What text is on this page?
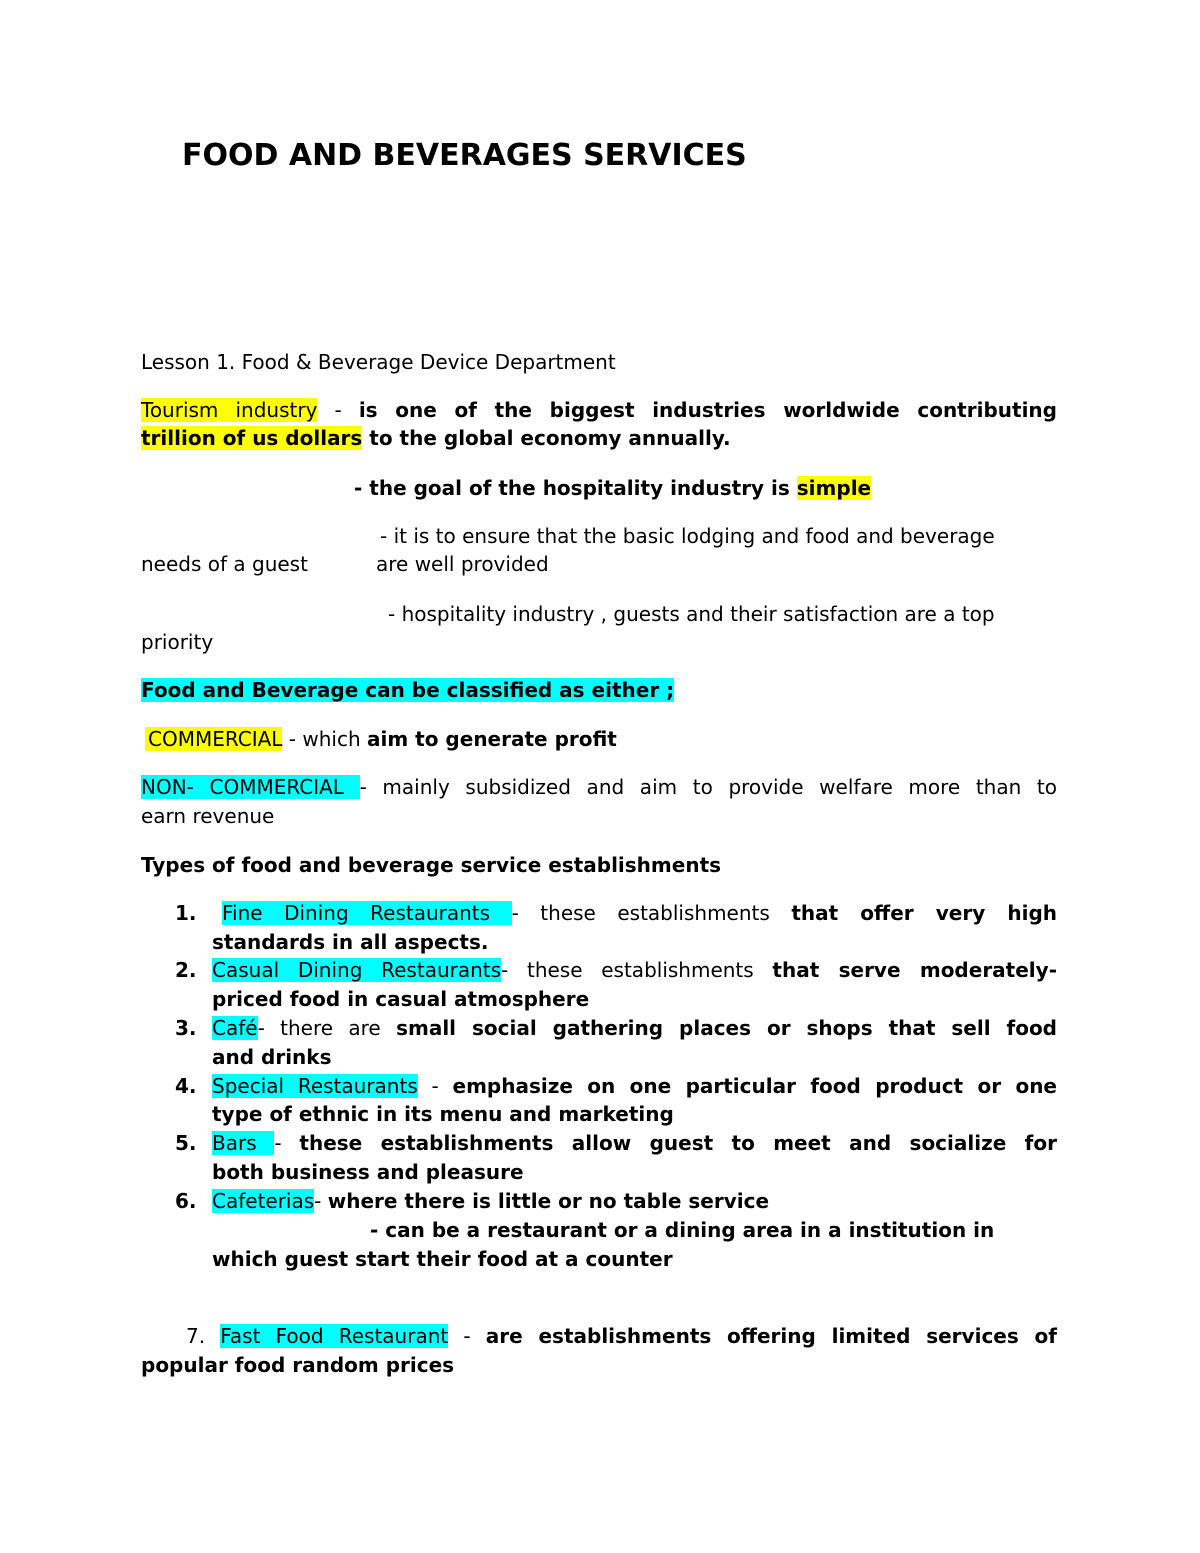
FOOD AND BEVERAGES SERVICES
Lesson 1. Food & Beverage Device Department
Tourism industry - is one of the biggest industries worldwide contributing
trillion of us dollars to the global economy annually.
- the goal of the hospitality industry is simple
- it is to ensure that the basic lodging and food and beverage
needs of a guest	are well provided
- hospitality industry , guests and their satisfaction are a top
priority
Food and Beverage can be classified as either ;
COMMERCIAL - which aim to generate profit
NON- COMMERCIAL - mainly subsidized and aim to provide welfare more than to
earn revenue
Types of food and beverage service establishments
1. Fine Dining Restaurants - these establishments that offer very high
standards in all aspects.
2. Casual Dining Restaurants- these establishments that serve moderately-
priced food in casual atmosphere
3. Café- there are small social gathering places or shops that sell food
and drinks
4. Special Restaurants - emphasize on one particular food product or one
type of ethnic in its menu and marketing
5. Bars - these establishments allow guest to meet and socialize for
both business and pleasure
6. Cafeterias- where there is little or no table service
- can be a restaurant or a dining area in a institution in
which guest start their food at a counter
7. Fast Food Restaurant - are establishments offering limited services of
popular food random prices
